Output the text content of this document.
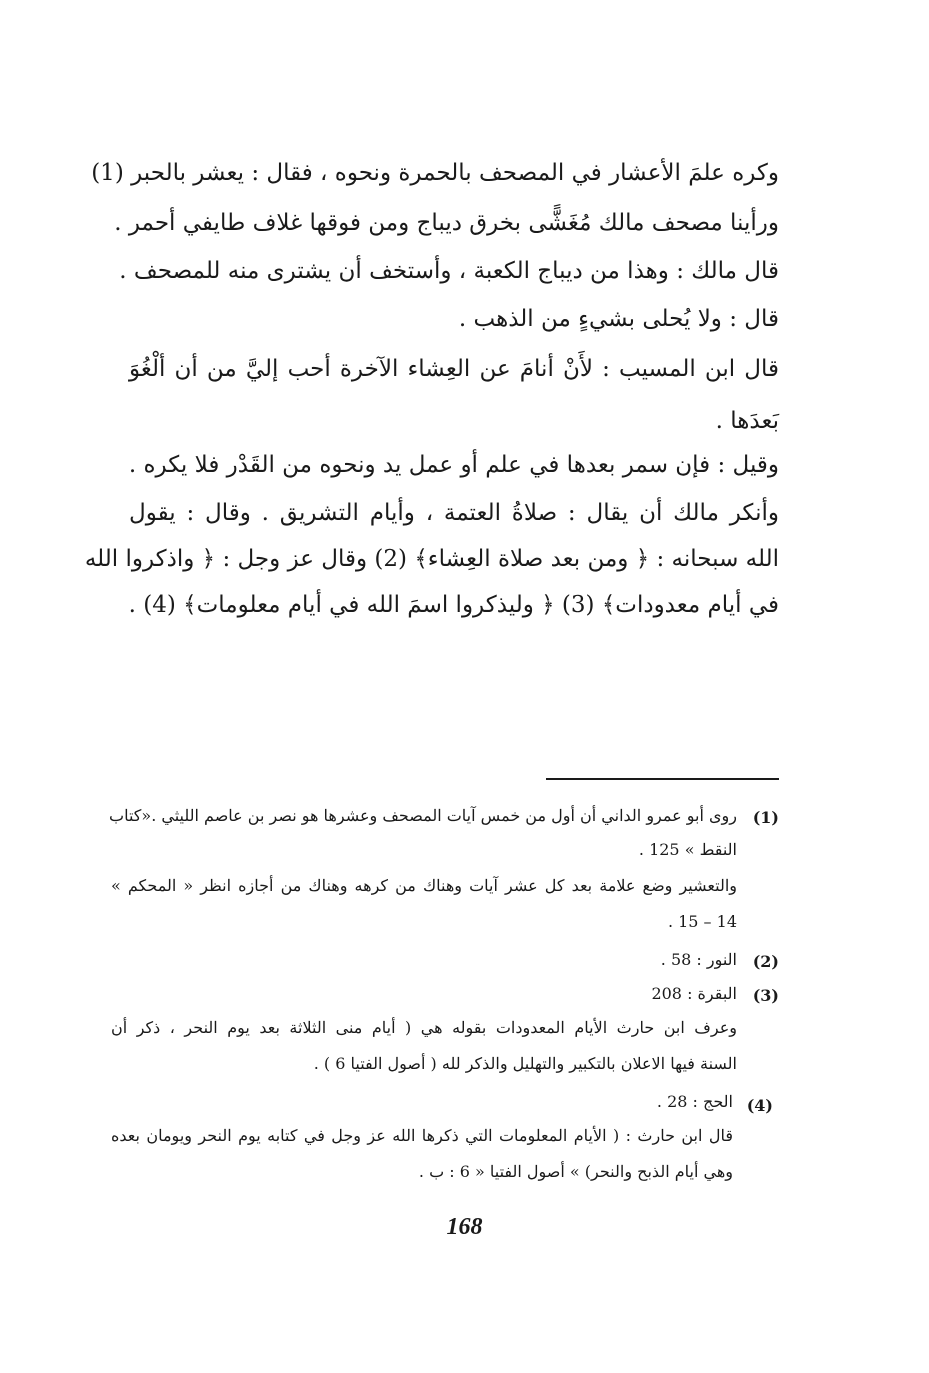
وكره علمَ الأعشار في المصحف بالحمرة ونحوه ، فقال : يعشر بالحبر (1)
ورأينا مصحف مالك مُغَشًّى بخرق ديباج ومن فوقها غلاف طايفي أحمر .
قال مالك : وهذا من ديباج الكعبة ، وأستخف أن يشترى منه للمصحف .
قال : ولا يُحلى بشيءٍ من الذهب .
قال ابن المسيب : لأَنْ أنامَ عن العِشاء الآخرة أحب إليَّ من أن ألْغُوَ
بَعدَها .
وقيل : فإن سمر بعدها في علم أو عمل يد ونحوه من القَدْر فلا يكره .
وأنكر مالك أن يقال : صلاةُ العتمة ، وأيام التشريق . وقال : يقول
الله سبحانه : ﴿ ومن بعد صلاة العِشاء﴾ (2) وقال عز وجل : ﴿ واذكروا الله
في أيام معدودات﴾ (3) ﴿ وليذكروا اسمَ الله في أيام معلومات﴾ (4) .
(1)
روى أبو عمرو الداني أن أول من خمس آيات المصحف وعشرها هو نصر بن عاصم الليثي .«كتاب
النقط » 125 .
والتعشير وضع علامة بعد كل عشر آيات وهناك من كرهه وهناك من أجازه انظر « المحكم »
14 – 15 .
(2)
النور : 58 .
(3)
البقرة : 208
وعرف ابن حارث الأيام المعدودات بقوله هي ( أيام منى الثلاثة بعد يوم النحر ، ذكر أن
السنة فيها الاعلان بالتكبير والتهليل والذكر لله ( أصول الفتيا 6 ) .
(4)
الحج : 28 .
قال ابن حارث : ( الأيام المعلومات التي ذكرها الله عز وجل في كتابه يوم النحر ويومان بعده
وهي أيام الذبح والنحر) » أصول الفتيا « 6 : ب .
168
